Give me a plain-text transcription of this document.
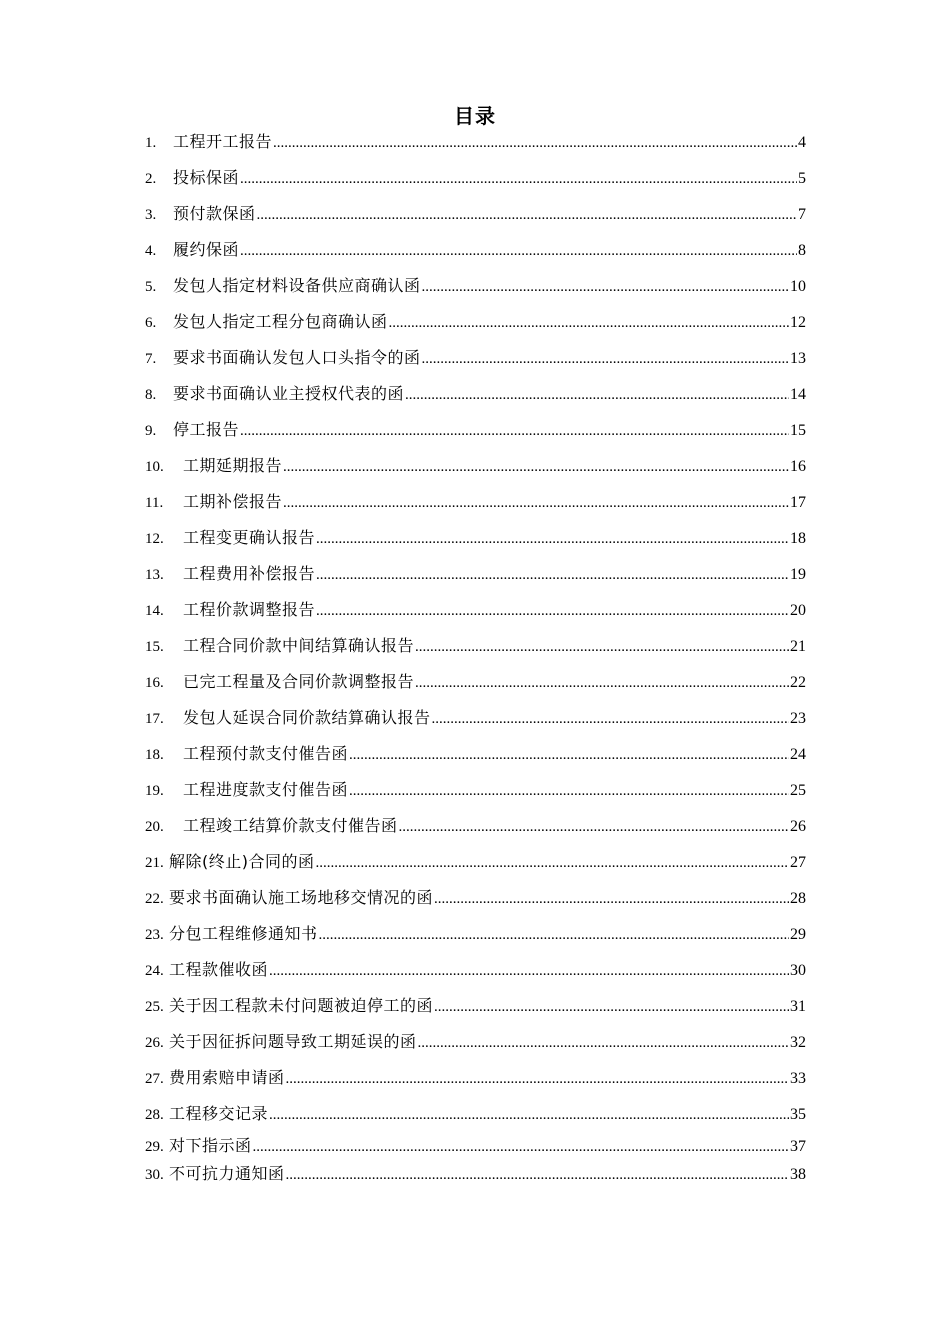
目录
1.	工程开工报告 .....	4
2.	投标保函 .....	5
3.	预付款保函 .....	7
4.	履约保函 .....	8
5.	发包人指定材料设备供应商确认函 .....	10
6.	发包人指定工程分包商确认函 .....	12
7.	要求书面确认发包人口头指令的函 .....	13
8.	要求书面确认业主授权代表的函 .....	14
9.	停工报告 .....	15
10.	工期延期报告 .....	16
11.	工期补偿报告 .....	17
12.	工程变更确认报告 .....	18
13.	工程费用补偿报告 .....	19
14.	工程价款调整报告 .....	20
15.	工程合同价款中间结算确认报告 .....	21
16.	已完工程量及合同价款调整报告 .....	22
17.	发包人延误合同价款结算确认报告 .....	23
18.	工程预付款支付催告函 .....	24
19.	工程进度款支付催告函 .....	25
20.	工程竣工结算价款支付催告函 .....	26
21. 解除(终止)合同的函 .....	27
22. 要求书面确认施工场地移交情况的函 .....	28
23. 分包工程维修通知书 .....	29
24. 工程款催收函 .....	30
25. 关于因工程款未付问题被迫停工的函 .....	31
26. 关于因征拆问题导致工期延误的函 .....	32
27. 费用索赔申请函 .....	33
28. 工程移交记录 .....	35
29. 对下指示函 .....	37
30. 不可抗力通知函 .....	38
